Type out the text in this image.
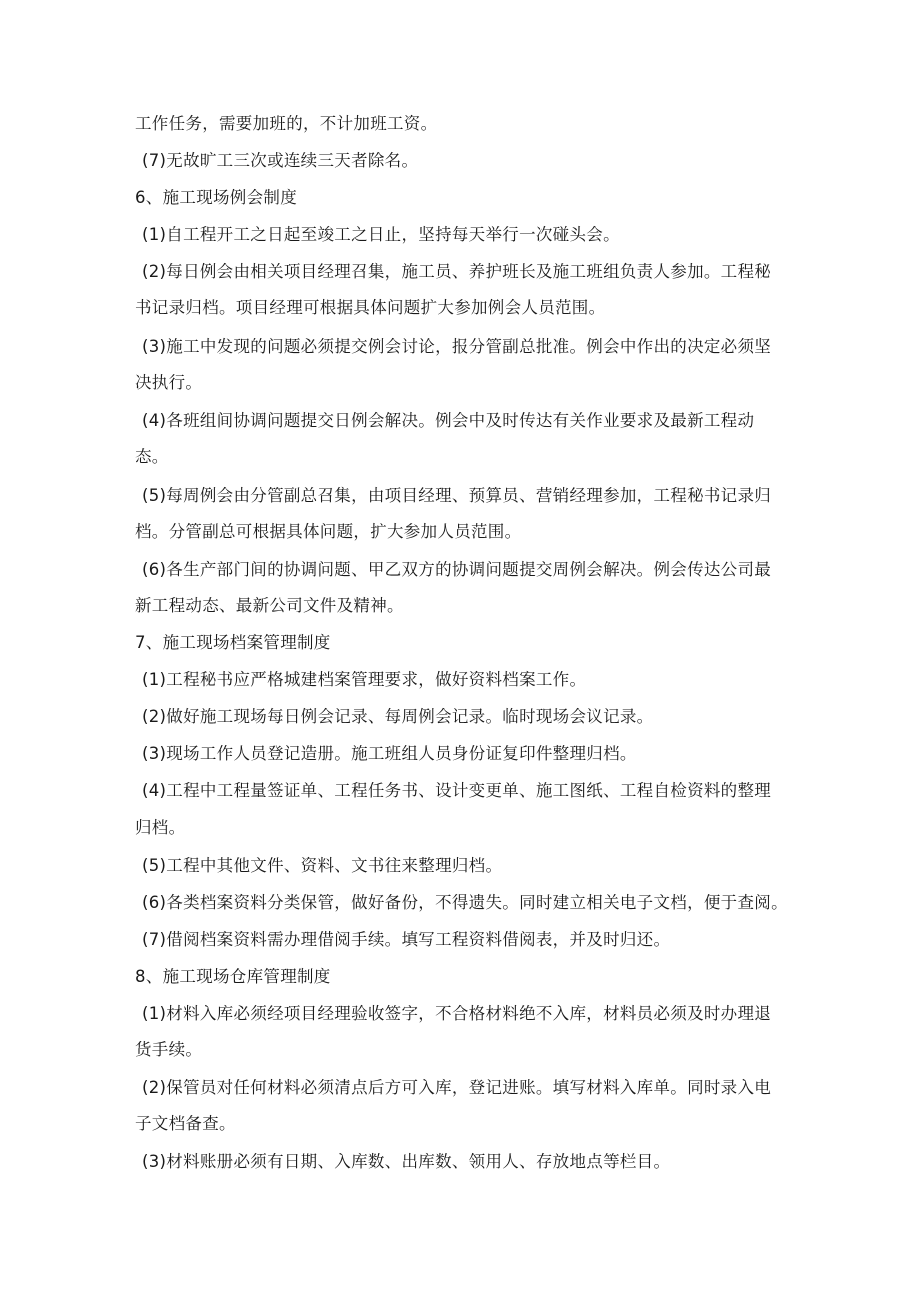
工作任务，需要加班的，不计加班工资。
(7)无故旷工三次或连续三天者除名。
6、施工现场例会制度
(1)自工程开工之日起至竣工之日止，坚持每天举行一次碰头会。
(2)每日例会由相关项目经理召集，施工员、养护班长及施工班组负责人参加。工程秘
书记录归档。项目经理可根据具体问题扩大参加例会人员范围。
(3)施工中发现的问题必须提交例会讨论，报分管副总批准。例会中作出的决定必须坚
决执行。
(4)各班组间协调问题提交日例会解决。例会中及时传达有关作业要求及最新工程动
态。
(5)每周例会由分管副总召集，由项目经理、预算员、营销经理参加，工程秘书记录归
档。分管副总可根据具体问题，扩大参加人员范围。
(6)各生产部门间的协调问题、甲乙双方的协调问题提交周例会解决。例会传达公司最
新工程动态、最新公司文件及精神。
7、施工现场档案管理制度
(1)工程秘书应严格城建档案管理要求，做好资料档案工作。
(2)做好施工现场每日例会记录、每周例会记录。临时现场会议记录。
(3)现场工作人员登记造册。施工班组人员身份证复印件整理归档。
(4)工程中工程量签证单、工程任务书、设计变更单、施工图纸、工程自检资料的整理
归档。
(5)工程中其他文件、资料、文书往来整理归档。
(6)各类档案资料分类保管，做好备份，不得遗失。同时建立相关电子文档，便于查阅。
(7)借阅档案资料需办理借阅手续。填写工程资料借阅表，并及时归还。
8、施工现场仓库管理制度
(1)材料入库必须经项目经理验收签字，不合格材料绝不入库，材料员必须及时办理退
货手续。
(2)保管员对任何材料必须清点后方可入库，登记进账。填写材料入库单。同时录入电
子文档备查。
(3)材料账册必须有日期、入库数、出库数、领用人、存放地点等栏目。
